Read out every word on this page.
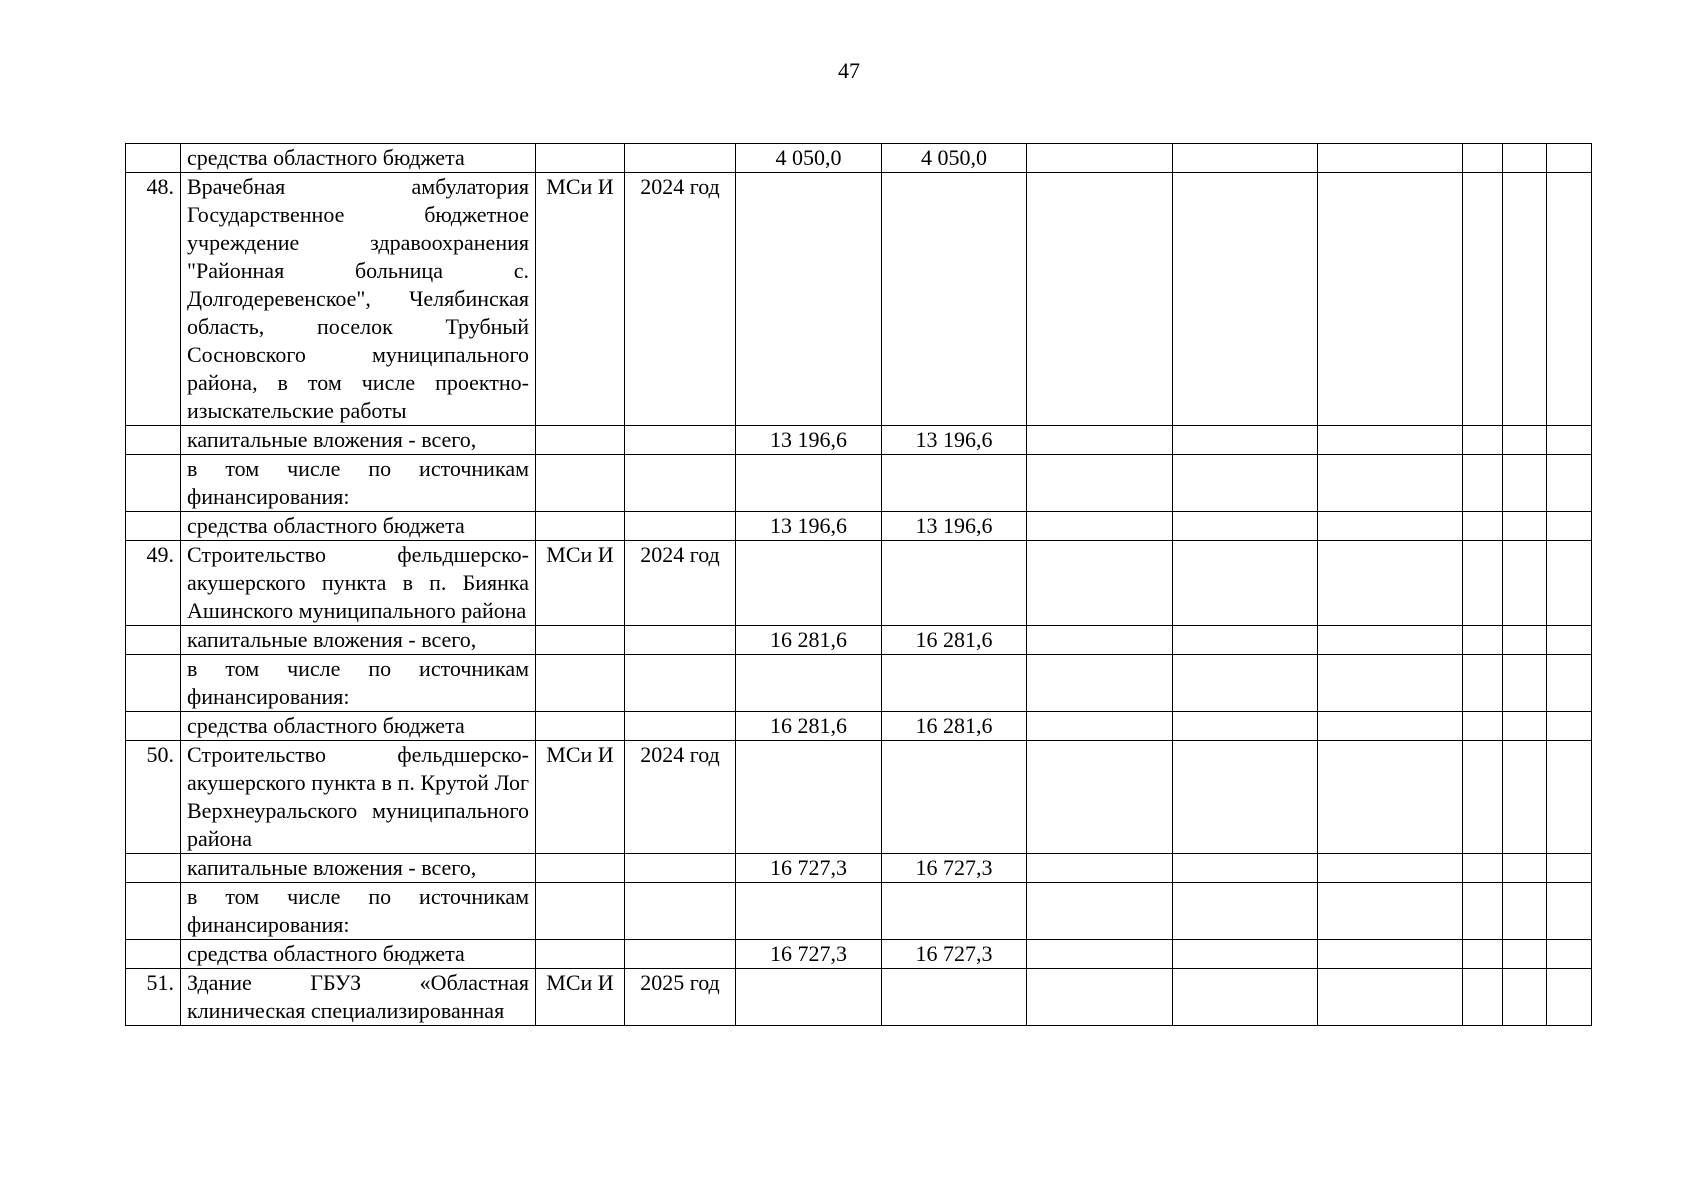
47
	средства областного бюджета			4 050,0	4 050,0						
48.	Врачебная амбулатория Государственное бюджетное учреждение здравоохранения "Районная больница с. Долгодеревенское", Челябинская область, поселок Трубный Сосновского муниципального района, в том числе проектно-изыскательские работы	МСи И	2024 год								
	капитальные вложения - всего,			13 196,6	13 196,6						
	в том числе по источникам финансирования:										
	средства областного бюджета			13 196,6	13 196,6						
49.	Строительство фельдшерско-акушерского пункта в п. Биянка Ашинского муниципального района	МСи И	2024 год								
	капитальные вложения - всего,			16 281,6	16 281,6						
	в том числе по источникам финансирования:										
	средства областного бюджета			16 281,6	16 281,6						
50.	Строительство фельдшерско-акушерского пункта в п. Крутой Лог Верхнеуральского муниципального района	МСи И	2024 год								
	капитальные вложения - всего,			16 727,3	16 727,3						
	в том числе по источникам финансирования:										
	средства областного бюджета			16 727,3	16 727,3						
51.	Здание ГБУЗ «Областная клиническая специализированная	МСи И	2025 год								
